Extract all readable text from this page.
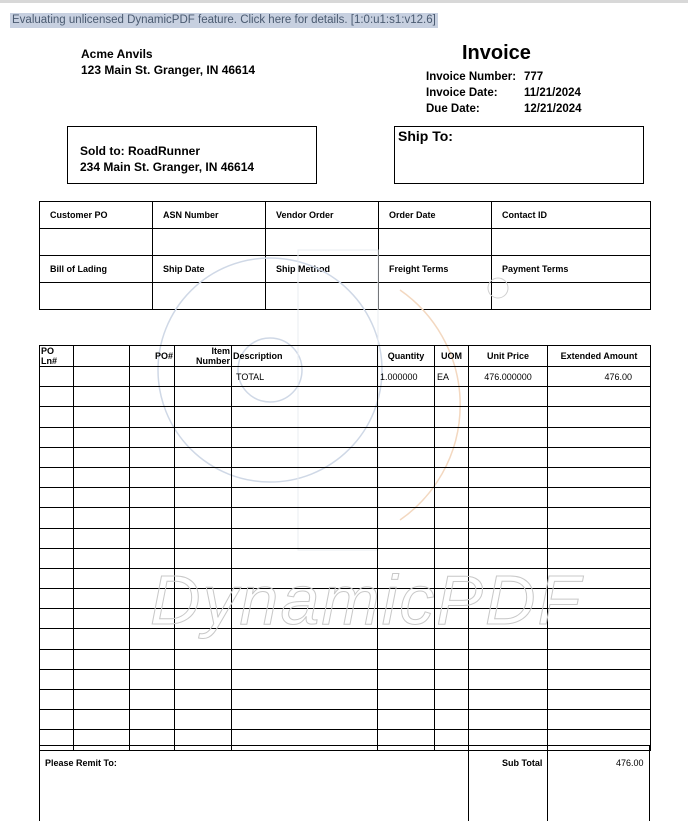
Evaluating unlicensed DynamicPDF feature. Click here for details. [1:0:u1:s1:v12.6]
Acme Anvils
123 Main St. Granger, IN 46614
Invoice
Invoice Number: 777
Invoice Date: 11/21/2024
Due Date:	12/21/2024
Sold to: RoadRunner
234 Main St. Granger, IN 46614
Ship To:
Customer PO	ASN Number	Vendor Order	Order Date	Contact ID

Bill of Lading	Ship Date	Ship Method	Freight Terms	Payment Terms

PO Ln#		PO#	Item Number	Description	Quantity	UOM	Unit Price	Extended Amount
				TOTAL	1.000000	EA	476.000000	476.00

DynamicPDF
Please Remit To:	Sub Total	476.00
